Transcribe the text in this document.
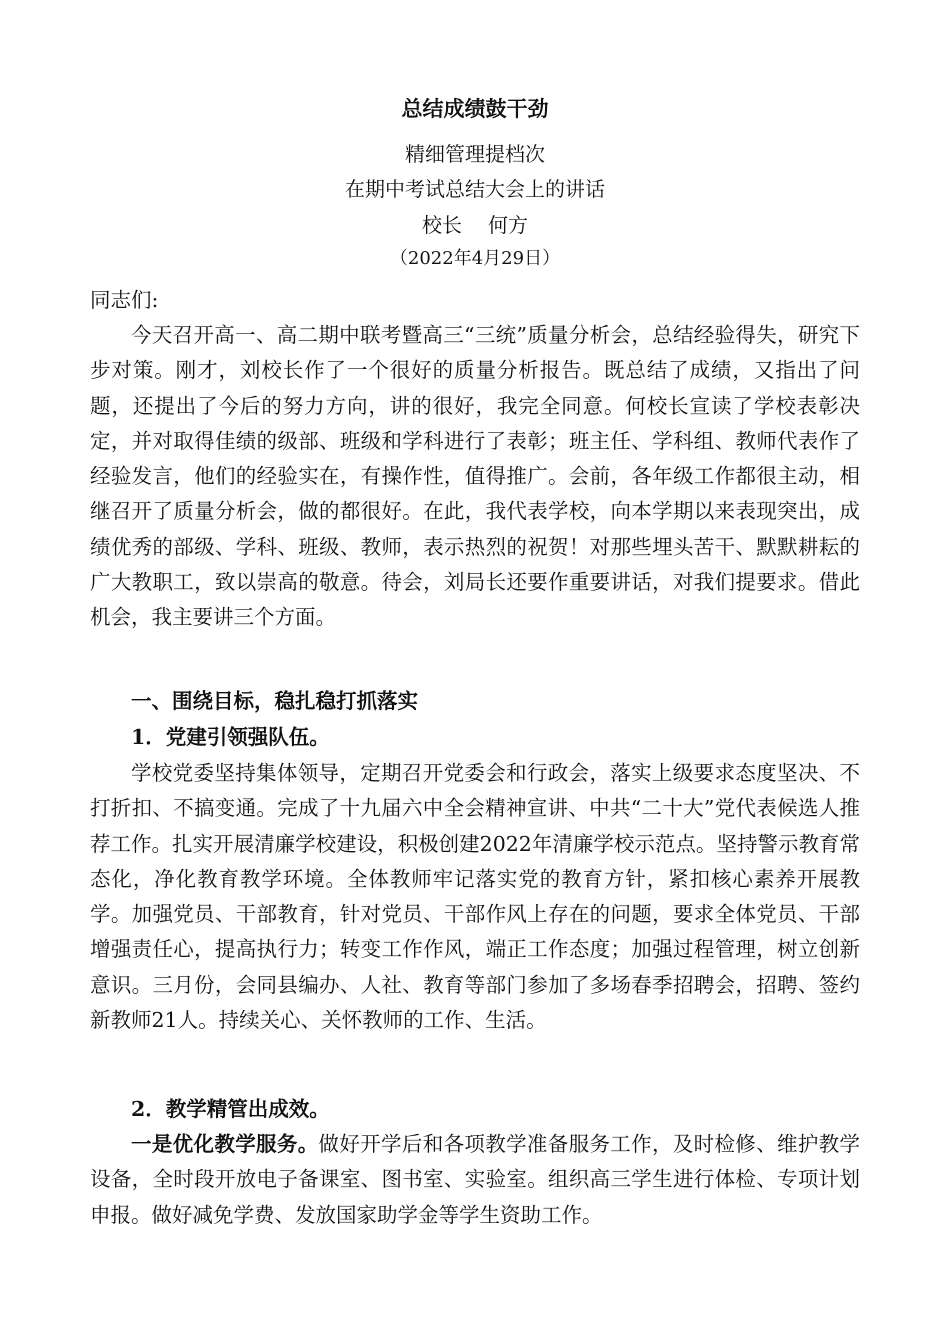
总结成绩鼓干劲
精细管理提档次
在期中考试总结大会上的讲话
校长 何方
（2022年4月29日）

同志们:

今天召开高一、高二期中联考暨高三“三统”质量分析会，总结经验得失，研究下步对策。刚才，刘校长作了一个很好的质量分析报告。既总结了成绩，又指出了问题，还提出了今后的努力方向，讲的很好，我完全同意。何校长宣读了学校表彰决定，并对取得佳绩的级部、班级和学科进行了表彰；班主任、学科组、教师代表作了经验发言，他们的经验实在，有操作性，值得推广。会前，各年级工作都很主动，相继召开了质量分析会，做的都很好。在此，我代表学校，向本学期以来表现突出，成绩优秀的部级、学科、班级、教师，表示热烈的祝贺！对那些埋头苦干、默默耕耘的广大教职工，致以崇高的敬意。待会，刘局长还要作重要讲话，对我们提要求。借此机会，我主要讲三个方面。

一、围绕目标，稳扎稳打抓落实

1．党建引领强队伍。

学校党委坚持集体领导，定期召开党委会和行政会，落实上级要求态度坚决、不打折扣、不搞变通。完成了十九届六中全会精神宣讲、中共“二十大”党代表候选人推荐工作。扎实开展清廉学校建设，积极创建2022年清廉学校示范点。坚持警示教育常态化，净化教育教学环境。全体教师牢记落实党的教育方针，紧扣核心素养开展教学。加强党员、干部教育，针对党员、干部作风上存在的问题，要求全体党员、干部增强责任心，提高执行力；转变工作作风，端正工作态度；加强过程管理，树立创新意识。三月份，会同县编办、人社、教育等部门参加了多场春季招聘会，招聘、签约新教师21人。持续关心、关怀教师的工作、生活。

2．教学精管出成效。

一是优化教学服务。做好开学后和各项教学准备服务工作，及时检修、维护教学设备，全时段开放电子备课室、图书室、实验室。组织高三学生进行体检、专项计划申报。做好减免学费、发放国家助学金等学生资助工作。
